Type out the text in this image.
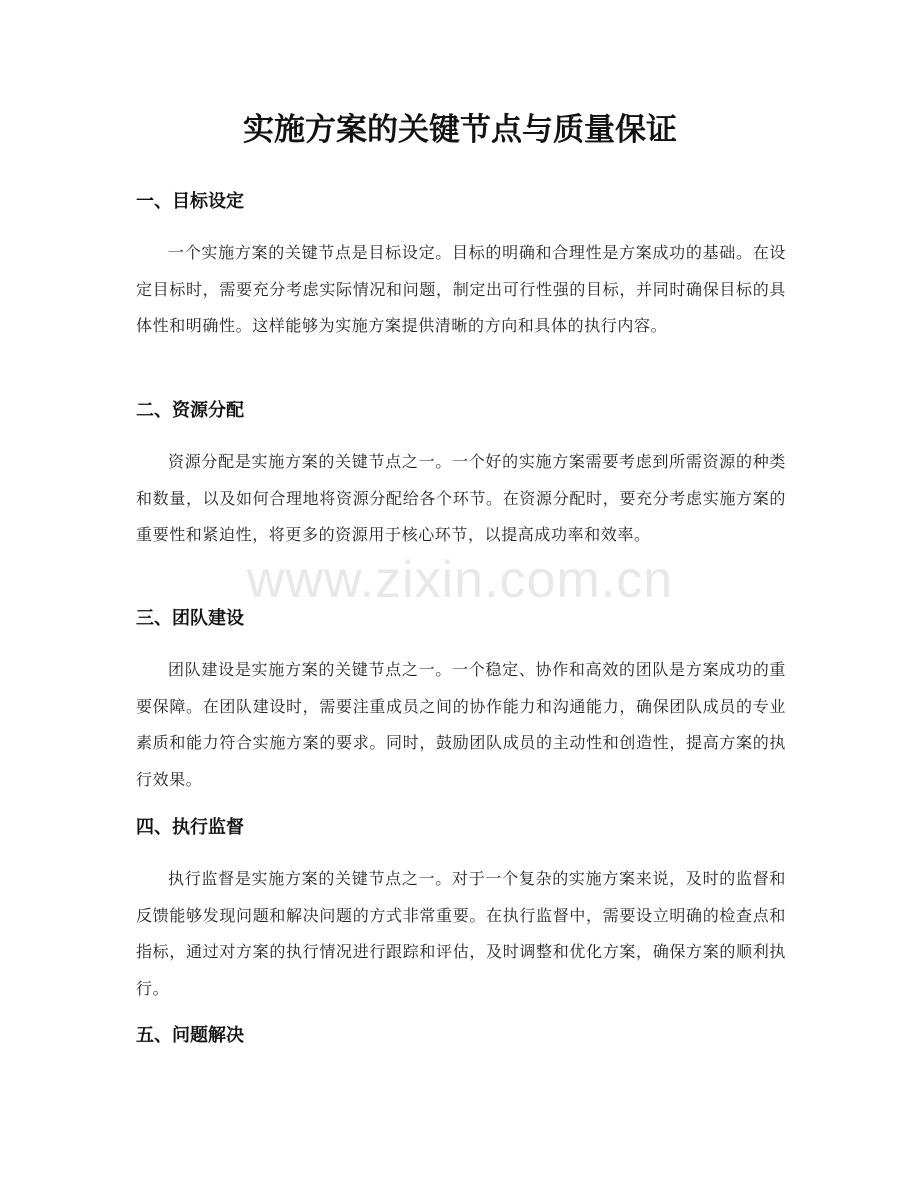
实施方案的关键节点与质量保证
一、目标设定

一个实施方案的关键节点是目标设定。目标的明确和合理性是方案成功的基础。在设定目标时，需要充分考虑实际情况和问题，制定出可行性强的目标，并同时确保目标的具体性和明确性。这样能够为实施方案提供清晰的方向和具体的执行内容。

二、资源分配

资源分配是实施方案的关键节点之一。一个好的实施方案需要考虑到所需资源的种类和数量，以及如何合理地将资源分配给各个环节。在资源分配时，要充分考虑实施方案的重要性和紧迫性，将更多的资源用于核心环节，以提高成功率和效率。

三、团队建设

团队建设是实施方案的关键节点之一。一个稳定、协作和高效的团队是方案成功的重要保障。在团队建设时，需要注重成员之间的协作能力和沟通能力，确保团队成员的专业素质和能力符合实施方案的要求。同时，鼓励团队成员的主动性和创造性，提高方案的执行效果。

四、执行监督

执行监督是实施方案的关键节点之一。对于一个复杂的实施方案来说，及时的监督和反馈能够发现问题和解决问题的方式非常重要。在执行监督中，需要设立明确的检查点和指标，通过对方案的执行情况进行跟踪和评估，及时调整和优化方案，确保方案的顺利执行。

五、问题解决
www.zixin.com.cn
